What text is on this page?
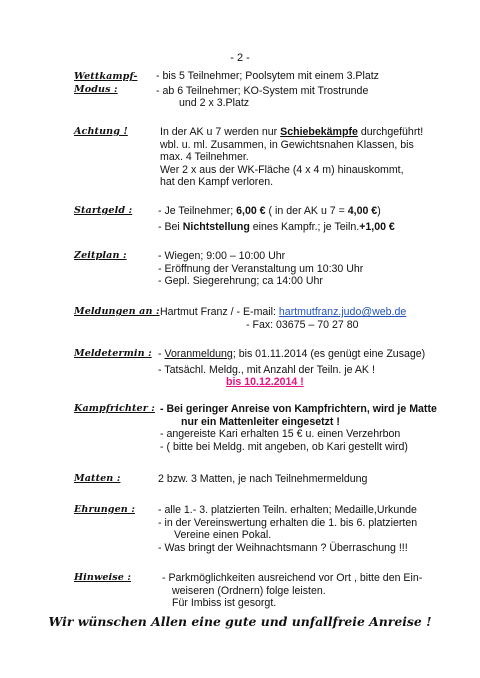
- 2 -
Wettkampf-
Modus :
- bis 5 Teilnehmer; Poolsytem mit einem 3.Platz
- ab 6 Teilnehmer; KO-System mit Trostrunde
und 2 x 3.Platz
Achtung !	In der AK u 7 werden nur Schiebekämpfe durchgeführt!
wbl. u. ml. Zusammen, in Gewichtsnahen Klassen, bis
max. 4 Teilnehmer.
Wer 2 x aus der WK-Fläche (4 x 4 m) hinauskommt,
hat den Kampf verloren.
Startgeld : - Je Teilnehmer; 6,00 € ( in der AK u 7 = 4,00 €)
- Bei Nichtstellung eines Kampfr.; je Teiln.+1,00 €
Zeitplan :	- Wiegen; 9:00 – 10:00 Uhr
- Eröffnung der Veranstaltung um 10:30 Uhr
- Gepl. Siegerehrung; ca 14:00 Uhr
Meldungen an : Hartmut Franz / - E-mail: hartmutfranz.judo@web.de
- Fax: 03675 – 70 27 80
Meldetermin : - Voranmeldung; bis 01.11.2014 (es genügt eine Zusage)
- Tatsächl. Meldg., mit Anzahl der Teiln. je AK !
bis 10.12.2014 !
Kampfrichter : - Bei geringer Anreise von Kampfrichtern, wird je Matte
nur ein Mattenleiter eingesetzt !
- angereiste Kari erhalten 15 € u. einen Verzehrbon
- ( bitte bei Meldg. mit angeben, ob Kari gestellt wird)
Matten :	2 bzw. 3 Matten, je nach Teilnehmermeldung
Ehrungen : - alle 1.- 3. platzierten Teiln. erhalten; Medaille,Urkunde
- in der Vereinswertung erhalten die 1. bis 6. platzierten
Vereine einen Pokal.
- Was bringt der Weihnachtsmann ? Überraschung !!!
Hinweise :	- Parkmöglichkeiten ausreichend vor Ort , bitte den Ein-
weiseren (Ordnern) folge leisten.
Für Imbiss ist gesorgt.
Wir wünschen Allen eine gute und unfallfreie Anreise !
